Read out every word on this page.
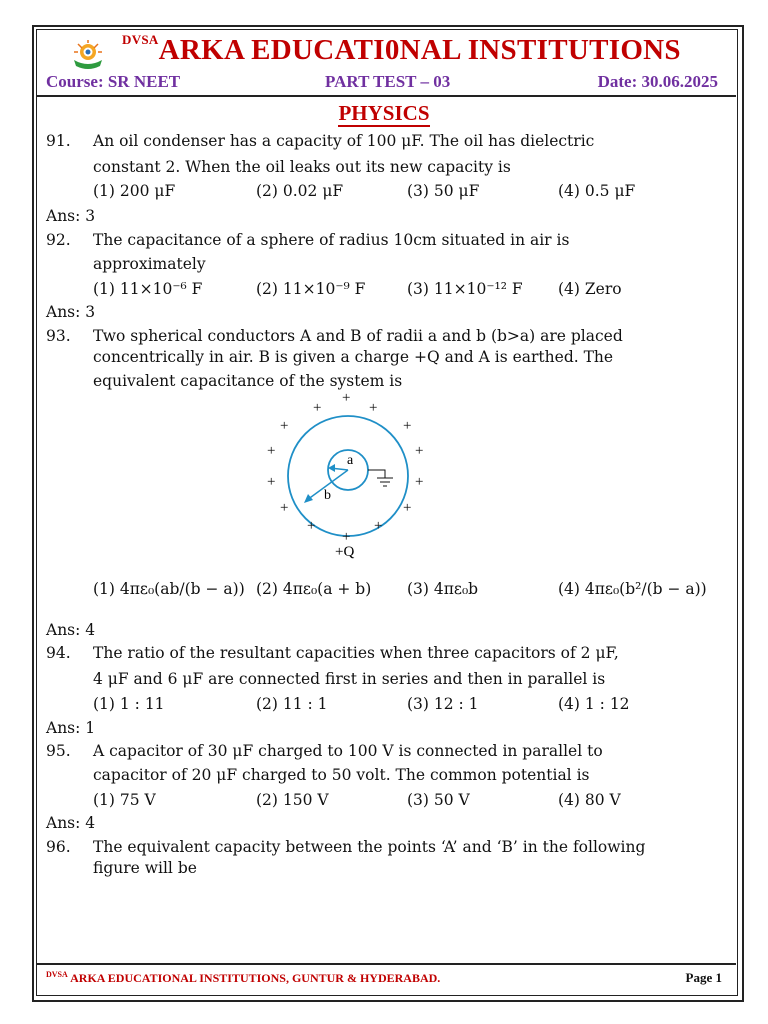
$^{DVSA}$ARKA EDUCATI0NAL INSTITUTIONS
Course: SR NEET	PART TEST – 03	Date: 30.06.2025
PHYSICS
91. An oil condenser has a capacity of 100 μF. The oil has dielectric
constant 2. When the oil leaks out its new capacity is
(1) 200 μF	(2) 0.02 μF	(3) 50 μF	(4) 0.5 μF
Ans: 3
92. The capacitance of a sphere of radius 10cm situated in air is
approximately
(1) 11×10⁻⁶ F	(2) 11×10⁻⁹ F	(3) 11×10⁻¹² F (4) Zero
Ans: 3
93. Two spherical conductors A and B of radii a and b (b>a) are placed
concentrically in air. B is given a charge +Q and A is earthed. The
equivalent capacitance of the system is
a
b
+
+
+
+	+
+	+
+	+
+	+
+	+
+
+Q
(1) 4πε₀(ab/(b − a)) (2) 4πε₀(a + b) (3) 4πε₀b	(4) 4πε₀(b²/(b − a))
Ans: 4
94. The ratio of the resultant capacities when three capacitors of 2 μF,
4 μF and 6 μF are connected first in series and then in parallel is
(1) 1 : 11	(2) 11 : 1	(3) 12 : 1	(4) 1 : 12
Ans: 1
95. A capacitor of 30 μF charged to 100 V is connected in parallel to
capacitor of 20 μF charged to 50 volt. The common potential is
(1) 75 V	(2) 150 V	(3) 50 V	(4) 80 V
Ans: 4
96. The equivalent capacity between the points ‘A’ and ‘B’ in the following
figure will be
$^{DVSA}$ ARKA EDUCATIONAL INSTITUTIONS, GUNTUR & HYDERABAD.	Page 1
